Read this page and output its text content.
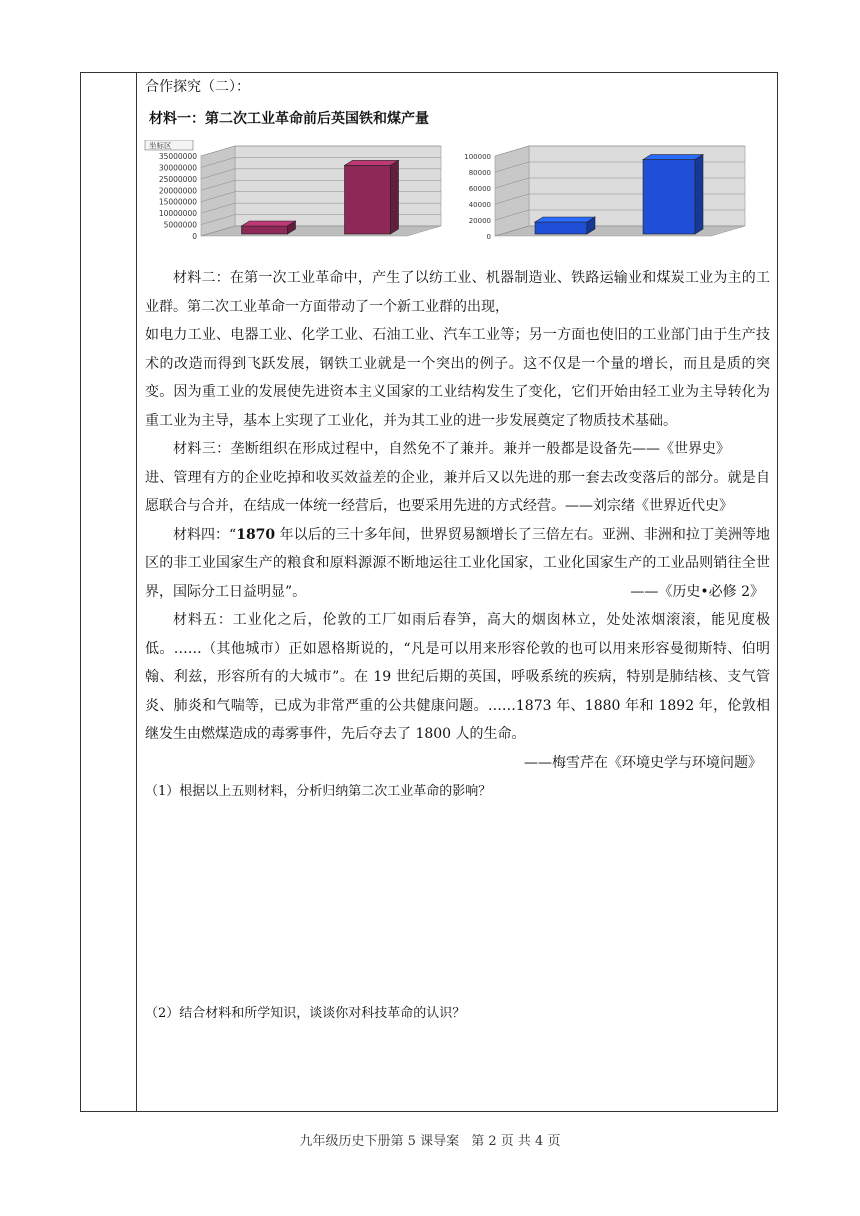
合作探究（二）：
材料一：第二次工业革命前后英国铁和煤产量
35000000
30000000
25000000
20000000
15000000
10000000
5000000
0
坐标区
100000
80000
60000
40000
20000
0

材料二：在第一次工业革命中，产生了以纺工业、机器制造业、铁路运输业和煤炭工业为主的工业群。第二次工业革命一方面带动了一个新工业群的出现，

如电力工业、电器工业、化学工业、石油工业、汽车工业等；另一方面也使旧的工业部门由于生产技术的改造而得到飞跃发展，钢铁工业就是一个突出的例子。这不仅是一个量的增长，而且是质的突变。因为重工业的发展使先进资本主义国家的工业结构发生了变化，它们开始由轻工业为主导转化为重工业为主导，基本上实现了工业化，并为其工业的进一步发展奠定了物质技术基础。
——《世界史》

材料三：垄断组织在形成过程中，自然免不了兼并。兼并一般都是设备先进、管理有方的企业吃掉和收买效益差的企业，兼并后又以先进的那一套去改变落后的部分。就是自愿联合与合并，在结成一体统一经营后，也要采用先进的方式经营。——刘宗绪《世界近代史》

材料四：“1870 年以后的三十多年间，世界贸易额增长了三倍左右。亚洲、非洲和拉丁美洲等地区的非工业国家生产的粮食和原料源源不断地运往工业化国家，工业化国家生产的工业品则销往全世界，国际分工日益明显”。	——《历史•必修 2》

材料五：工业化之后，伦敦的工厂如雨后春笋，高大的烟囱林立，处处浓烟滚滚，能见度极低。……（其他城市）正如恩格斯说的，“凡是可以用来形容伦敦的也可以用来形容曼彻斯特、伯明翰、利兹，形容所有的大城市”。在 19 世纪后期的英国，呼吸系统的疾病，特别是肺结核、支气管炎、肺炎和气喘等，已成为非常严重的公共健康问题。……1873 年、1880 年和 1892 年，伦敦相继发生由燃煤造成的毒雾事件，先后夺去了 1800 人的生命。

——梅雪芹在《环境史学与环境问题》
（1）根据以上五则材料，分析归纳第二次工业革命的影响？
（2）结合材料和所学知识，谈谈你对科技革命的认识？
九年级历史下册第 5 课导案 第 2 页 共 4 页
